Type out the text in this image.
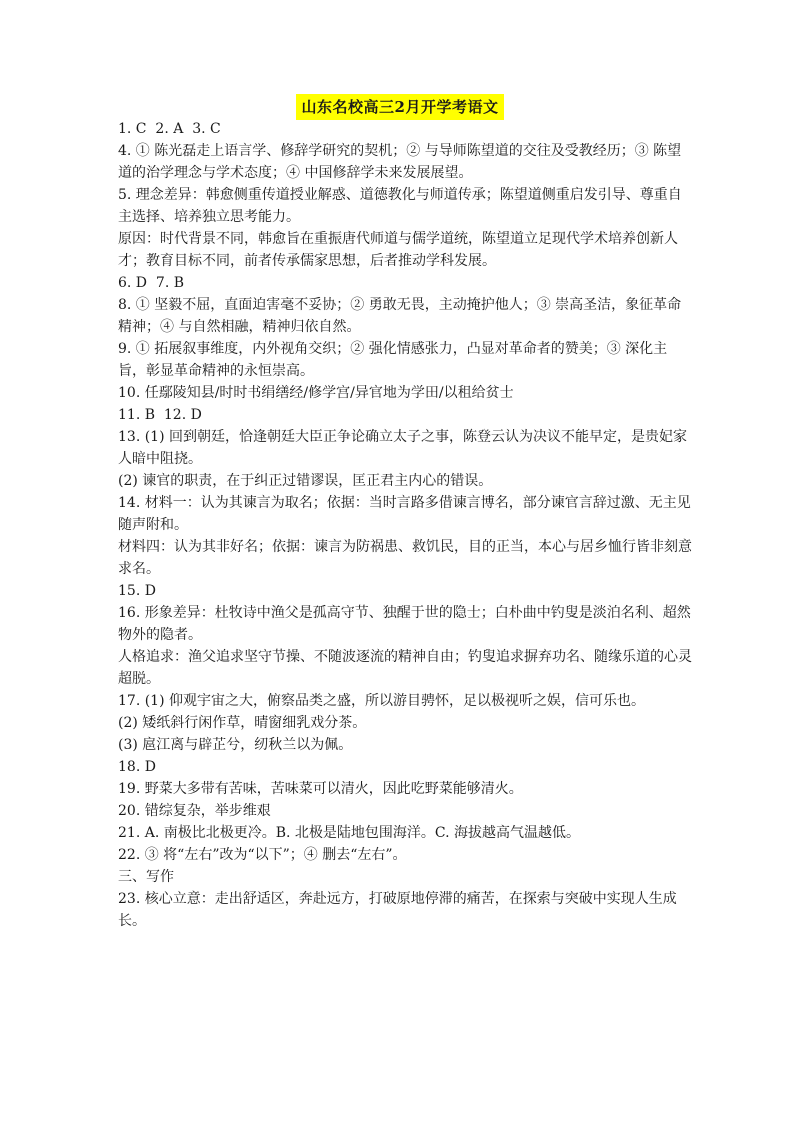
山东名校高三2月开学考语文

1. C  2. A  3. C

4. ① 陈光磊走上语言学、修辞学研究的契机；② 与导师陈望道的交往及受教经历；③ 陈望道的治学理念与学术态度；④ 中国修辞学未来发展展望。

5. 理念差异：韩愈侧重传道授业解惑、道德教化与师道传承；陈望道侧重启发引导、尊重自主选择、培养独立思考能力。

原因：时代背景不同，韩愈旨在重振唐代师道与儒学道统，陈望道立足现代学术培养创新人才；教育目标不同，前者传承儒家思想，后者推动学科发展。

6. D  7. B

8. ① 坚毅不屈，直面迫害毫不妥协；② 勇敢无畏，主动掩护他人；③ 崇高圣洁，象征革命精神；④ 与自然相融，精神归依自然。

9. ① 拓展叙事维度，内外视角交织；② 强化情感张力，凸显对革命者的赞美；③ 深化主旨，彰显革命精神的永恒崇高。

10. 任鄢陵知县/时时书绢缮经/修学宫/异官地为学田/以租给贫士

11. B  12. D

13. (1) 回到朝廷，恰逢朝廷大臣正争论确立太子之事，陈登云认为决议不能早定，是贵妃家人暗中阻挠。

(2) 谏官的职责，在于纠正过错谬误，匡正君主内心的错误。

14. 材料一：认为其谏言为取名；依据：当时言路多借谏言博名，部分谏官言辞过激、无主见随声附和。

材料四：认为其非好名；依据：谏言为防祸患、救饥民，目的正当，本心与居乡恤行皆非刻意求名。

15. D

16. 形象差异：杜牧诗中渔父是孤高守节、独醒于世的隐士；白朴曲中钓叟是淡泊名利、超然物外的隐者。

人格追求：渔父追求坚守节操、不随波逐流的精神自由；钓叟追求摒弃功名、随缘乐道的心灵超脱。

17. (1) 仰观宇宙之大，俯察品类之盛，所以游目骋怀，足以极视听之娱，信可乐也。

(2) 矮纸斜行闲作草，晴窗细乳戏分茶。

(3) 扈江离与辟芷兮，纫秋兰以为佩。

18. D

19. 野菜大多带有苦味，苦味菜可以清火，因此吃野菜能够清火。

20. 错综复杂，举步维艰

21. A. 南极比北极更冷。B. 北极是陆地包围海洋。C. 海拔越高气温越低。

22. ③ 将“左右”改为“以下”；④ 删去“左右”。

三、写作

23. 核心立意：走出舒适区，奔赴远方，打破原地停滞的痛苦，在探索与突破中实现人生成长。
